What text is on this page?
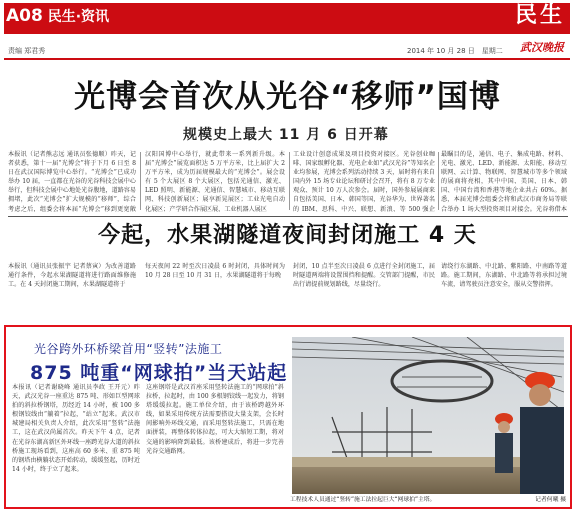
A08 民生·资讯	民生
责编 郑君秀	2014 年 10 月 28 日　星期二 武汉晚报
光博会首次从光谷“移师”国博
规模史上最大 11 月 6 日开幕
本报讯（记者熊志远 通讯员张德顺）昨天，记者获悉，第十一届“光博会”将于下月 6 日至 8 日在武汉国际博览中心举行。“光博会”已成功举办 10 届，一直都在光谷的光谷科技会展中心举行，但科技会展中心地处光谷腹地，道路容易拥堵，此次“光博会”扩大规模的“移师”，综合考虑之后，组委会将本届“光博会”移到更宽敞
汉阳国博中心举行，就此带来一系列新升级。本届“光博会”展览面积达 5 万平方米，比上届扩大 2 万平方米，成为历届规模最大的“光博会”。展会设有 5 个大展区 8 个大展区，包括光通信、激光、LED 照明、新能源、光通信、智慧城市、移动互联网、科技创新展区；展享新晃展区；工业光电自动化展区；产学研合作展区展，工业机器人展区
工业设计创意成果及项目投资对接区。光谷创业咖啡、国家级孵化器、光电企业如“武汉光谷”等知名企业均参展，光博会系列活动持续 3 天，届时将有来自国内外 15 场专业论坛和研讨会召开，将有 8 万专业观众、预计 10 万人次参会。届时，国外参展展商来自包括美国、日本、韩国等国，光谷华为、世界著名的 IBM、思科、中兴、联想、新浪、等 500 强企
最瞩目的是，通信、电子、集成电路、材料、光电、激光、LED、新能源、太阳能、移动互联网、云计算、物联网、智慧城市等多个领域的展商将亮相，其中中国、美国、日本、韩国、中国台湾和香港等地企业共占 60%。据悉，本届光博会组委会将和武汉市商务局等联合举办 1 场大型投资项目对接会。光谷将借本
今起，水果湖隧道夜间封闭施工 4 天
本报讯（通讯员张振宇 记者蔡寅）为改善道路通行条件，今起水果湖隧道将进行路面维修施工。在 4 天封闭施工期间，水果湖隧道将于
每天夜间 22 时至次日凌晨 6 时封闭，具体时间为 10 月 28 日至 10 月 31 日，水果湖隧道将于每晚
封闭，10 点半至次日凌晨 6 点进行全封闭施工，届时隧道两端将设置围挡和提醒。交管部门提醒，市民出行请提前规划路线，尽量绕行。
请绕行东湖路、中北路、紫阳路、中南路等道路。施工期间，东湖路、中北路等将承担过境车流，请驾驶员注意安全，服从交警指挥。
光谷跨外环桥梁首用“竖转”法施工
875 吨重“网球拍”当天站起
本报讯（记者谢晓峰 通讯员李政 王开元）昨天，武汉光谷一座重达 875 吨、形如巨型网球拍的斜拉桥钢塔，历经近 14 小时，被 100 多根钢铰线由“躺着”拉起，“站立”起来。武汉市城建局相关负责人介绍，此次采用“竖转”法施工，这在武汉尚属首次。昨天下午 4 点，记者在光谷东湖高新区外环线一座跨光谷大道的斜拉桥施工现场看到，这座高 60 多米、重 875 吨的钢塔由横躺状态开始转动，缓缓竖起，历时近 14 小时，终于立了起来。
这座钢塔是武汉首座采用竖转法施工的“网球拍”斜拉桥，拉起时，由 100 多根钢铰线一起发力，将钢塔缓缓拉起。施工单位介绍，由于该桥跨越外环线，如果采用传统方法需要搭设大量支架，会长时间影响外环线交通，而采用竖转法施工，只需在地面拼装，再整体转体拉起，可大大缩短工期，将对交通的影响降到最低。该桥建成后，将进一步完善光谷交通路网。
工程技术人员通过“竖转”施工法拉起巨大“网球拍”主塔。	记者何曦 摄
